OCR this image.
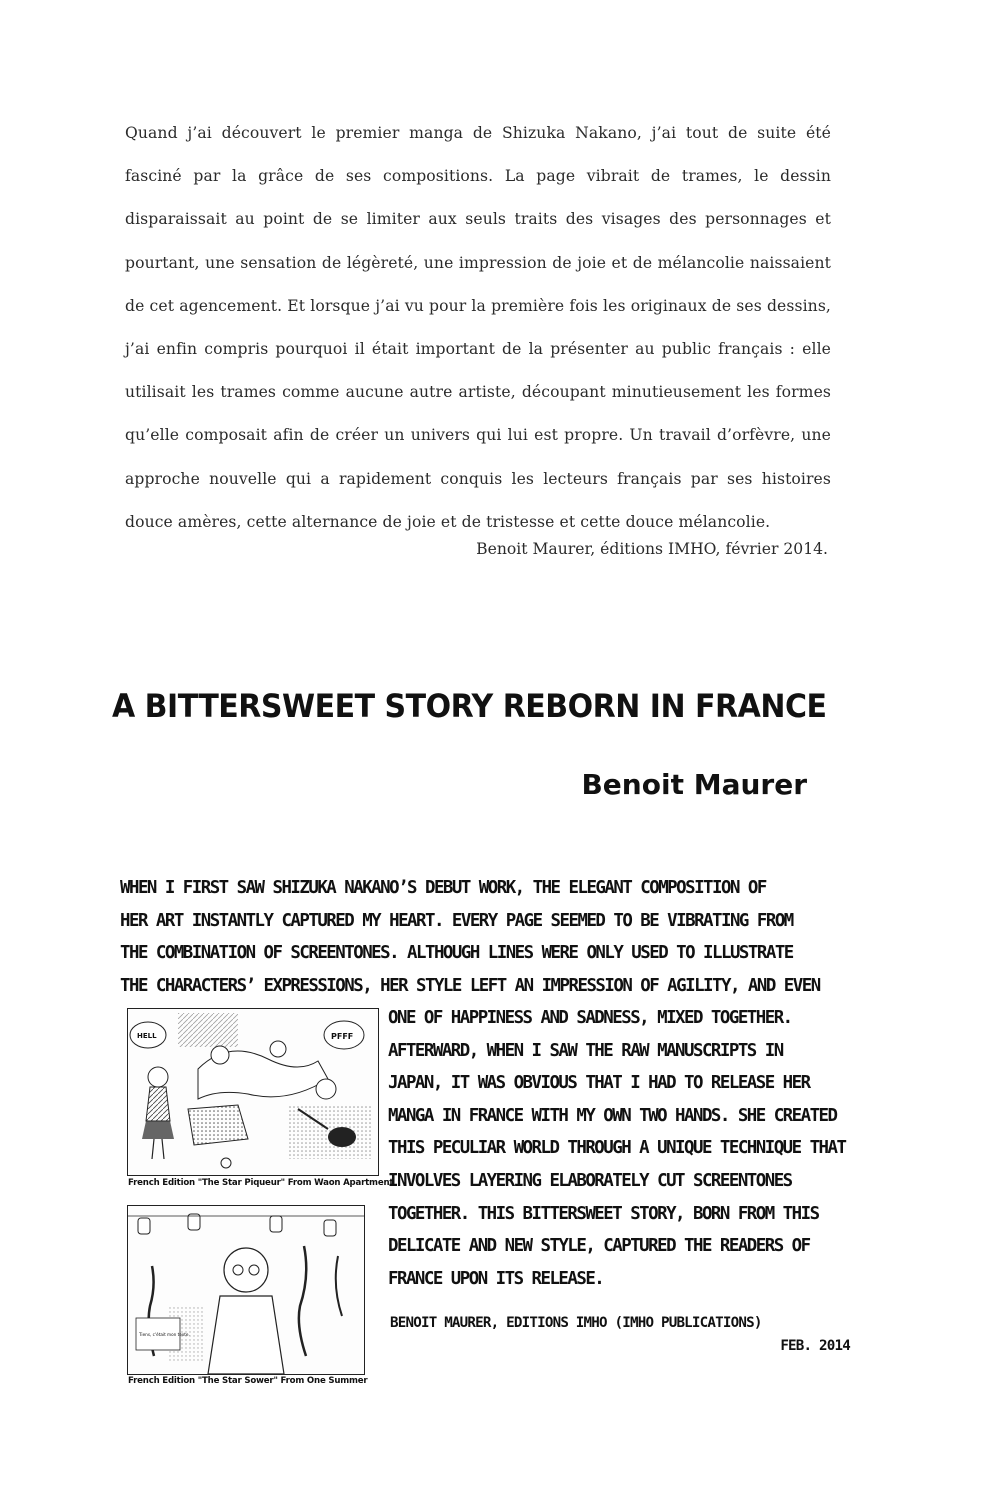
Quand j’ai découvert le premier manga de Shizuka Nakano, j’ai tout de suite été fasciné par la grâce de ses compositions. La page vibrait de trames, le dessin disparaissait au point de se limiter aux seuls traits des visages des personnages et pourtant, une sensation de légèreté, une impression de joie et de mélancolie naissaient de cet agencement. Et lorsque j’ai vu pour la première fois les originaux de ses dessins, j’ai enfin compris pourquoi il était important de la présenter au public français : elle utilisait les trames comme aucune autre artiste, découpant minutieusement les formes qu’elle composait afin de créer un univers qui lui est propre. Un travail d’orfèvre, une approche nouvelle qui a rapidement conquis les lecteurs français par ses histoires douce amères, cette alternance de joie et de tristesse et cette douce mélancolie.

Benoit Maurer, éditions IMHO, février 2014.
A BITTERSWEET STORY REBORN IN FRANCE
Benoit Maurer
WHEN I FIRST SAW SHIZUKA NAKANO’S DEBUT WORK, THE ELEGANT COMPOSITION OF
HER ART INSTANTLY CAPTURED MY HEART. EVERY PAGE SEEMED TO BE VIBRATING FROM
THE COMBINATION OF SCREENTONES. ALTHOUGH LINES WERE ONLY USED TO ILLUSTRATE
THE CHARACTERS’ EXPRESSIONS, HER STYLE LEFT AN IMPRESSION OF AGILITY, AND EVEN
ONE OF HAPPINESS AND SADNESS, MIXED TOGETHER.
AFTERWARD, WHEN I SAW THE RAW MANUSCRIPTS IN
JAPAN, IT WAS OBVIOUS THAT I HAD TO RELEASE HER
MANGA IN FRANCE WITH MY OWN TWO HANDS. SHE CREATED
THIS PECULIAR WORLD THROUGH A UNIQUE TECHNIQUE THAT
INVOLVES LAYERING ELABORATELY CUT SCREENTONES
TOGETHER. THIS BITTERSWEET STORY, BORN FROM THIS
DELICATE AND NEW STYLE, CAPTURED THE READERS OF
FRANCE UPON ITS RELEASE.
BENOIT MAURER, EDITIONS IMHO (IMHO PUBLICATIONS)
FEB. 2014
HELL	PFFF
French Edition "The Star Piqueur" From Waon Apartment
Tiens, c'était mon texte.
French Edition "The Star Sower" From One Summer
